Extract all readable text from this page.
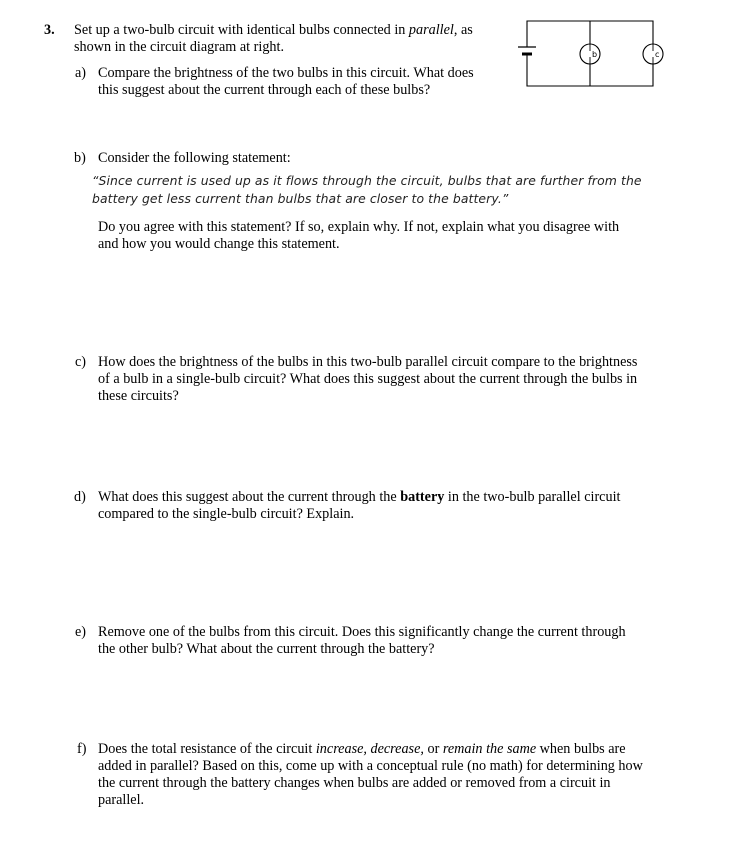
3. Set up a two-bulb circuit with identical bulbs connected in parallel, as

shown in the circuit diagram at right.	b	c
a) Compare the brightness of the two bulbs in this circuit. What does

this suggest about the current through each of these bulbs?

b) Consider the following statement:

“Since current is used up as it flows through the circuit, bulbs that are further from the

battery get less current than bulbs that are closer to the battery.”

Do you agree with this statement? If so, explain why. If not, explain what you disagree with

and how you would change this statement.

c) How does the brightness of the bulbs in this two-bulb parallel circuit compare to the brightness

of a bulb in a single-bulb circuit? What does this suggest about the current through the bulbs in

these circuits?

d) What does this suggest about the current through the battery in the two-bulb parallel circuit

compared to the single-bulb circuit? Explain.

e) Remove one of the bulbs from this circuit. Does this significantly change the current through

the other bulb? What about the current through the battery?

f) Does the total resistance of the circuit increase, decrease, or remain the same when bulbs are

added in parallel? Based on this, come up with a conceptual rule (no math) for determining how

the current through the battery changes when bulbs are added or removed from a circuit in

parallel.
